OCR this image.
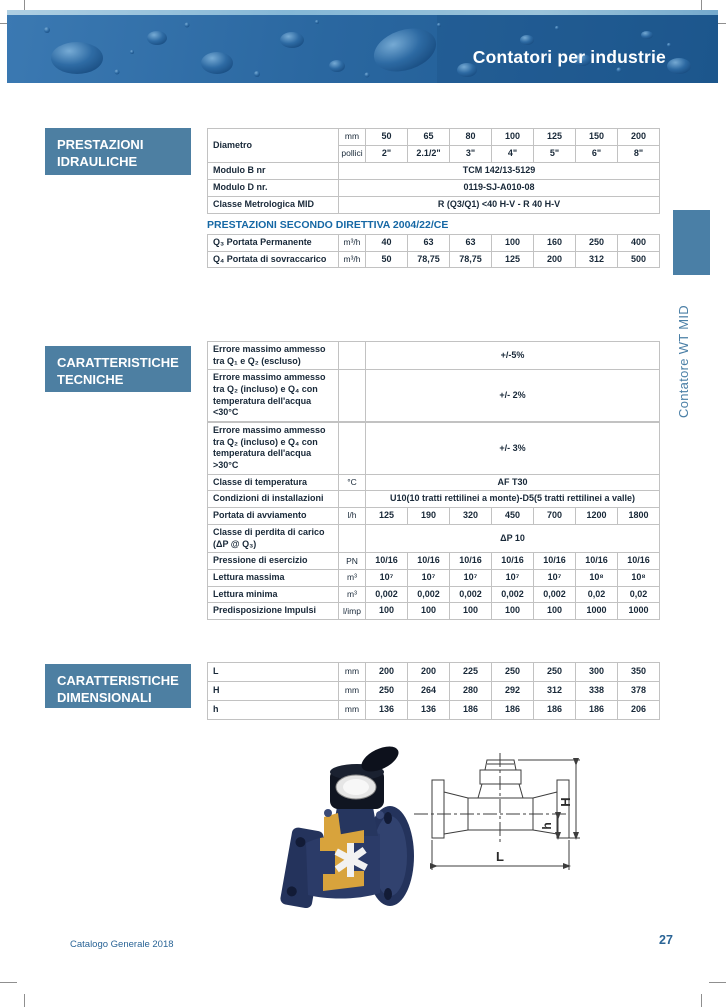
Contatori per industrie
Contatore WT MID
PRESTAZIONI
IDRAULICHE
CARATTERISTICHE
TECNICHE
CARATTERISTICHE
DIMENSIONALI
Diametro	mm	50	65	80	100	125	150	200
	pollici	2"	2.1/2"	3"	4"	5"	6"	8"
Modulo B nr	TCM 142/13-5129							
Modulo D nr.	0119-SJ-A010-08							
Classe Metrologica MID	R (Q3/Q1) <40 H-V - R 40 H-V							
PRESTAZIONI SECONDO DIRETTIVA 2004/22/CE
Q₃ Portata Permanente	m³/h	40	63	63	100	160	250	400
Q₄ Portata di sovraccarico	m³/h	50	78,75	78,75	125	200	312	500
Errore massimo ammesso tra Q₁ e Q₂ (escluso)		+/-5%
Errore massimo ammesso tra Q₂ (incluso) e Q₄ con temperatura dell'acqua <30°C		+/- 2%
Errore massimo ammesso tra Q₂ (incluso) e Q₄ con temperatura dell'acqua >30°C		+/- 3%						
Classe di temperatura	°C	AF T30						
Condizioni di installazioni		U10(10 tratti rettilinei a monte)-D5(5 tratti rettilinei a valle)						
Portata di avviamento	l/h	125	190	320	450	700	1200	1800
Classe di perdita di carico (ΔP @ Q₃)		ΔP 10						
Pressione di esercizio	PN	10/16	10/16	10/16	10/16	10/16	10/16	10/16
Lettura massima	m³	10⁷	10⁷	10⁷	10⁷	10⁷	10⁸	10⁸
Lettura minima	m³	0,002	0,002	0,002	0,002	0,002	0,02	0,02
Predisposizione Impulsi	l/imp	100	100	100	100	100	1000	1000
L	mm	200	200	225	250	250	300	350
H	mm	250	264	280	292	312	338	378
h	mm	136	136	186	186	186	186	206
H
h
L
Catalogo Generale 2018	27
